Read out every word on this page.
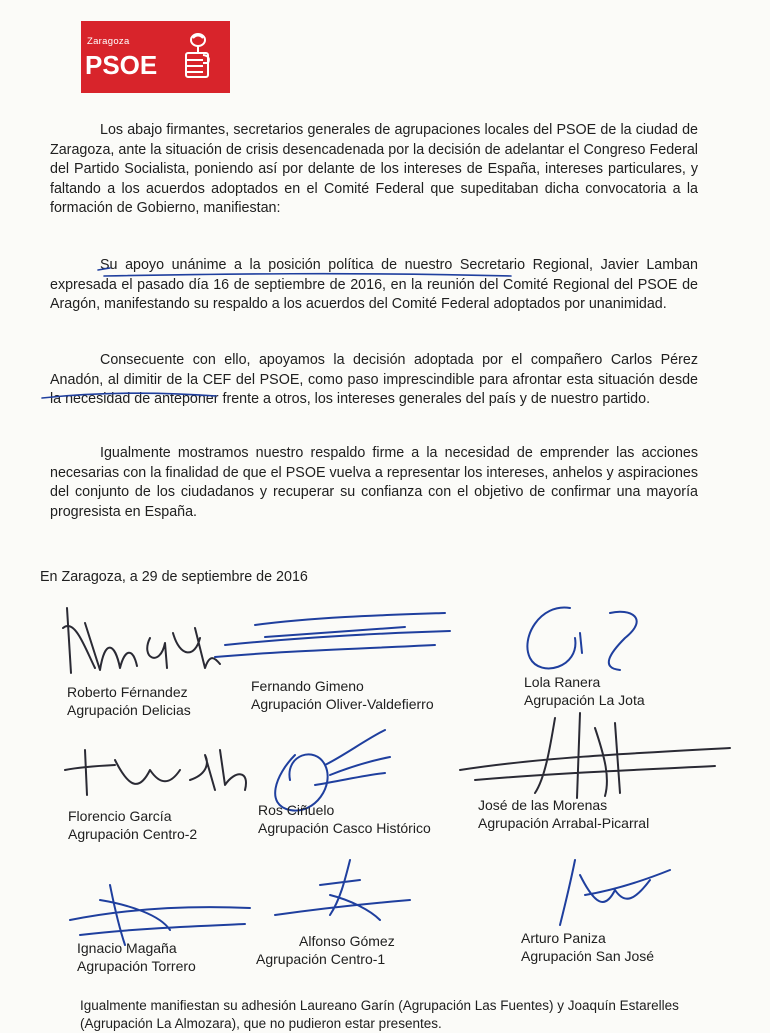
Zaragoza
PSOE

Los abajo firmantes, secretarios generales de agrupaciones locales del PSOE de la ciudad de Zaragoza, ante la situación de crisis desencadenada por la decisión de adelantar el Congreso Federal del Partido Socialista, poniendo así por delante de los intereses de España, intereses particulares, y faltando a los acuerdos adoptados en el Comité Federal que supeditaban dicha convocatoria a la formación de Gobierno, manifiestan:

Su apoyo unánime a la posición política de nuestro Secretario Regional, Javier Lamban expresada el pasado día 16 de septiembre de 2016, en la reunión del Comité Regional del PSOE de Aragón, manifestando su respaldo a los acuerdos del Comité Federal adoptados por unanimidad.

Consecuente con ello, apoyamos la decisión adoptada por el compañero Carlos Pérez Anadón, al dimitir de la CEF del PSOE, como paso imprescindible para afrontar esta situación desde la necesidad de anteponer frente a otros, los intereses generales del país y de nuestro partido.

Igualmente mostramos nuestro respaldo firme a la necesidad de emprender las acciones necesarias con la finalidad de que el PSOE vuelva a representar los intereses, anhelos y aspiraciones del conjunto de los ciudadanos y recuperar su confianza con el objetivo de confirmar una mayoría progresista en España.

En Zaragoza, a 29 de septiembre de 2016
Roberto Férnandez
Agrupación Delicias
Fernando Gimeno
Agrupación Oliver-Valdefierro
Lola Ranera
Agrupación La Jota
Florencio García
Agrupación Centro-2
Ros Ciñuelo
Agrupación Casco Histórico
José de las Morenas
Agrupación Arrabal-Picarral
Ignacio Magaña
Agrupación Torrero
Alfonso Gómez
Agrupación Centro-1
Arturo Paniza
Agrupación San José
Igualmente manifiestan su adhesión Laureano Garín (Agrupación Las Fuentes) y Joaquín Estarelles (Agrupación La Almozara), que no pudieron estar presentes.
